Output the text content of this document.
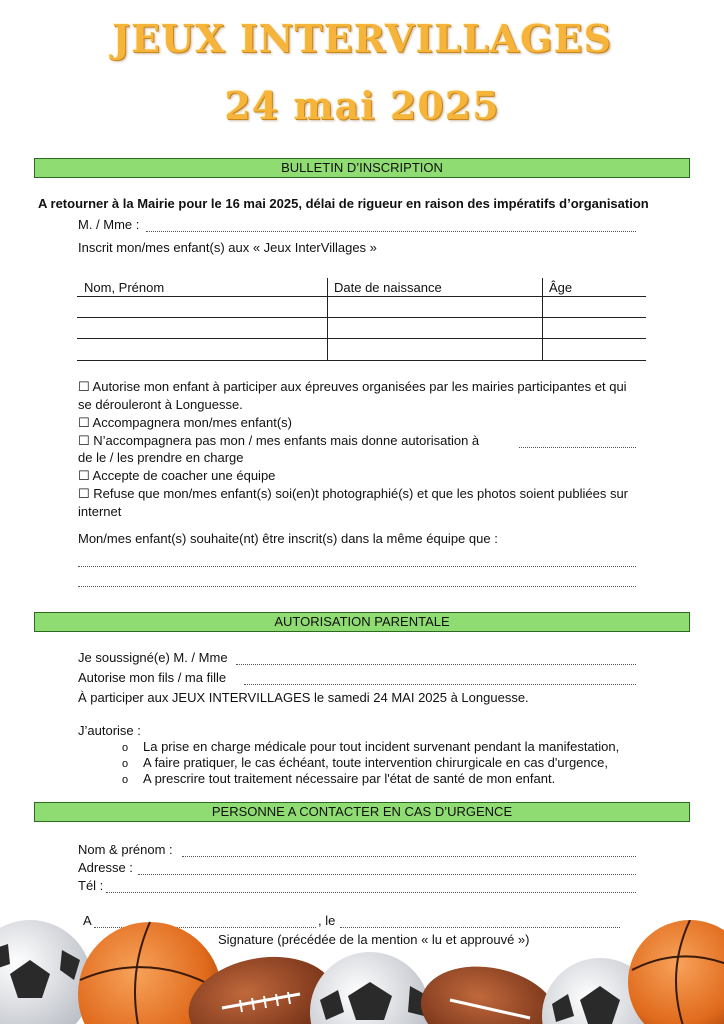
JEUX INTERVILLAGES
24 mai 2025
BULLETIN D’INSCRIPTION
A retourner à la Mairie pour le 16 mai 2025, délai de rigueur en raison des impératifs d’organisation
M. / Mme :
Inscrit mon/mes enfant(s) aux « Jeux InterVillages »
Nom, Prénom	Date de naissance	Âge
☐ Autorise mon enfant à participer aux épreuves organisées par les mairies participantes et qui
se dérouleront à Longuesse.
☐ Accompagnera mon/mes enfant(s)
☐ N’accompagnera pas mon / mes enfants mais donne autorisation à
de le / les prendre en charge
☐ Accepte de coacher une équipe
☐ Refuse que mon/mes enfant(s) soi(en)t photographié(s) et que les photos soient publiées sur
internet
Mon/mes enfant(s) souhaite(nt) être inscrit(s) dans la même équipe que :
AUTORISATION PARENTALE
Je soussigné(e) M. / Mme
Autorise mon fils / ma fille
À participer aux JEUX INTERVILLAGES le samedi 24 MAI 2025 à Longuesse.
J’autorise :
o La prise en charge médicale pour tout incident survenant pendant la manifestation,
o A faire pratiquer, le cas échéant, toute intervention chirurgicale en cas d'urgence,
o A prescrire tout traitement nécessaire par l'état de santé de mon enfant.
PERSONNE A CONTACTER EN CAS D’URGENCE
Nom & prénom :
Adresse :
Tél :
A	, le
Signature (précédée de la mention « lu et approuvé »)
